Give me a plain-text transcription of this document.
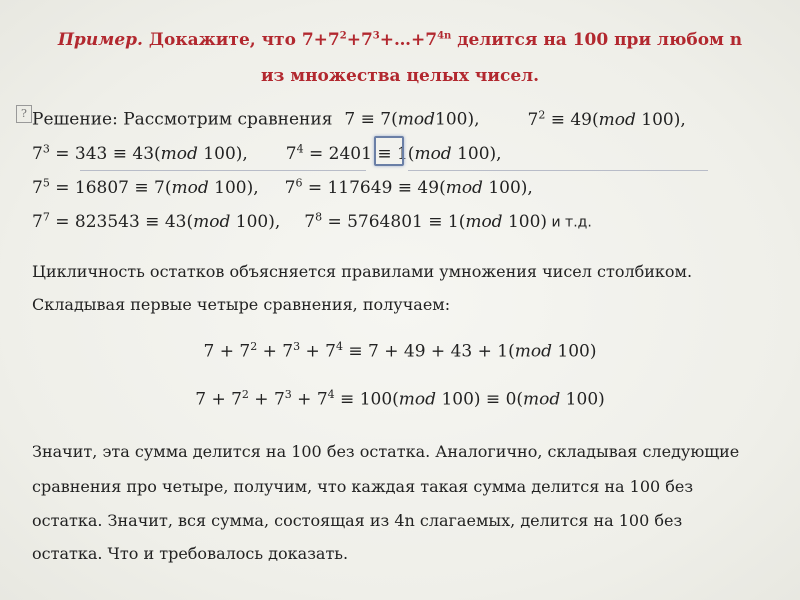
Пример. Докажите, что $7+7^2+7^3+\dots+7^{4n}$ делится на 100 при любом n
из множества целых чисел.
? Решение: Рассмотрим сравнения 7 ≡ 7(mod100),	$7^2 \equiv 49(mod$ 100),
$7^3 = 343 \equiv 43(mod$ 100), $7^4 = 2401 \equiv 1(mod$ 100),
$7^5 = 16807 \equiv 7(mod$ 100), $7^6 = 117649 \equiv 49(mod$ 100),
$7^7 = 823543 \equiv 43(mod$ 100), $7^8 = 5764801 \equiv 1(mod$ 100) и т.д.
Цикличность остатков объясняется правилами умножения чисел столбиком.
Складывая первые четыре сравнения, получаем:
$7 + 7^2 + 7^3 + 7^4 \equiv 7 + 49 + 43 + 1(mod$ 100)
$7 + 7^2 + 7^3 + 7^4 \equiv 100(mod$ 100) ≡ 0(mod 100)
Значит, эта сумма делится на 100 без остатка. Аналогично, складывая следующие
сравнения про четыре, получим, что каждая такая сумма делится на 100 без
остатка. Значит, вся сумма, состоящая из 4n слагаемых, делится на 100 без
остатка. Что и требовалось доказать.
